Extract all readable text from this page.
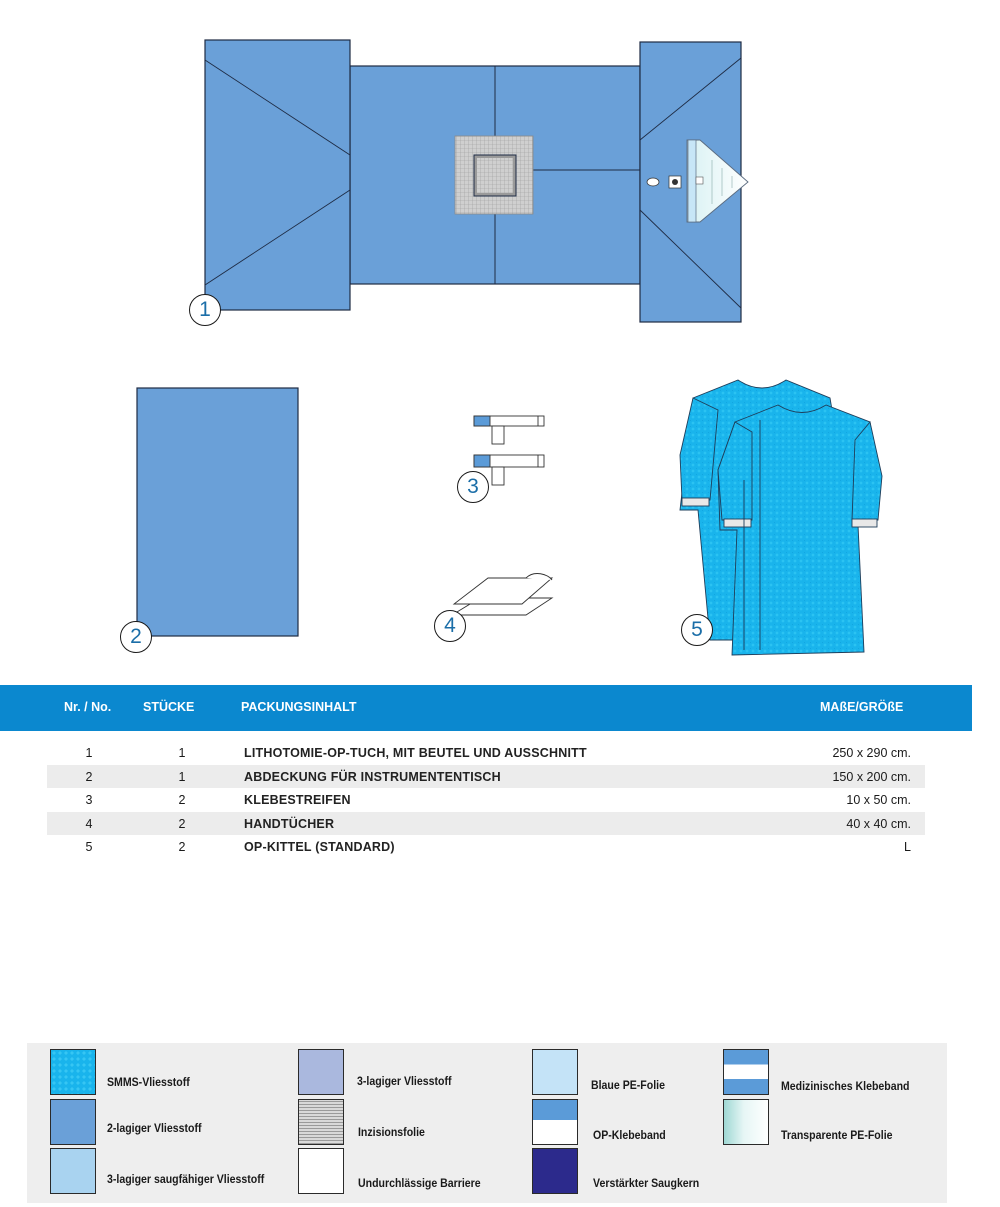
1
2
3
4	5
Nr. / No.	STÜCKE	PACKUNGSINHALT	MAßE/GRÖßE
1	1	LITHOTOMIE-OP-TUCH, MIT BEUTEL UND AUSSCHNITT	250 x 290 cm.
2	1	ABDECKUNG FÜR INSTRUMENTENTISCH	150 x 200 cm.
3	2	KLEBESTREIFEN	10 x 50 cm.
4	2	HANDTÜCHER	40 x 40 cm.
5	2	OP-KITTEL (STANDARD)	L
SMMS-Vliesstoff
2-lagiger Vliesstoff
3-lagiger saugfähiger Vliesstoff
3-lagiger Vliesstoff
Inzisionsfolie
Undurchlässige Barriere
Blaue PE-Folie
OP-Klebeband
Verstärkter Saugkern
Medizinisches Klebeband
Transparente PE-Folie
